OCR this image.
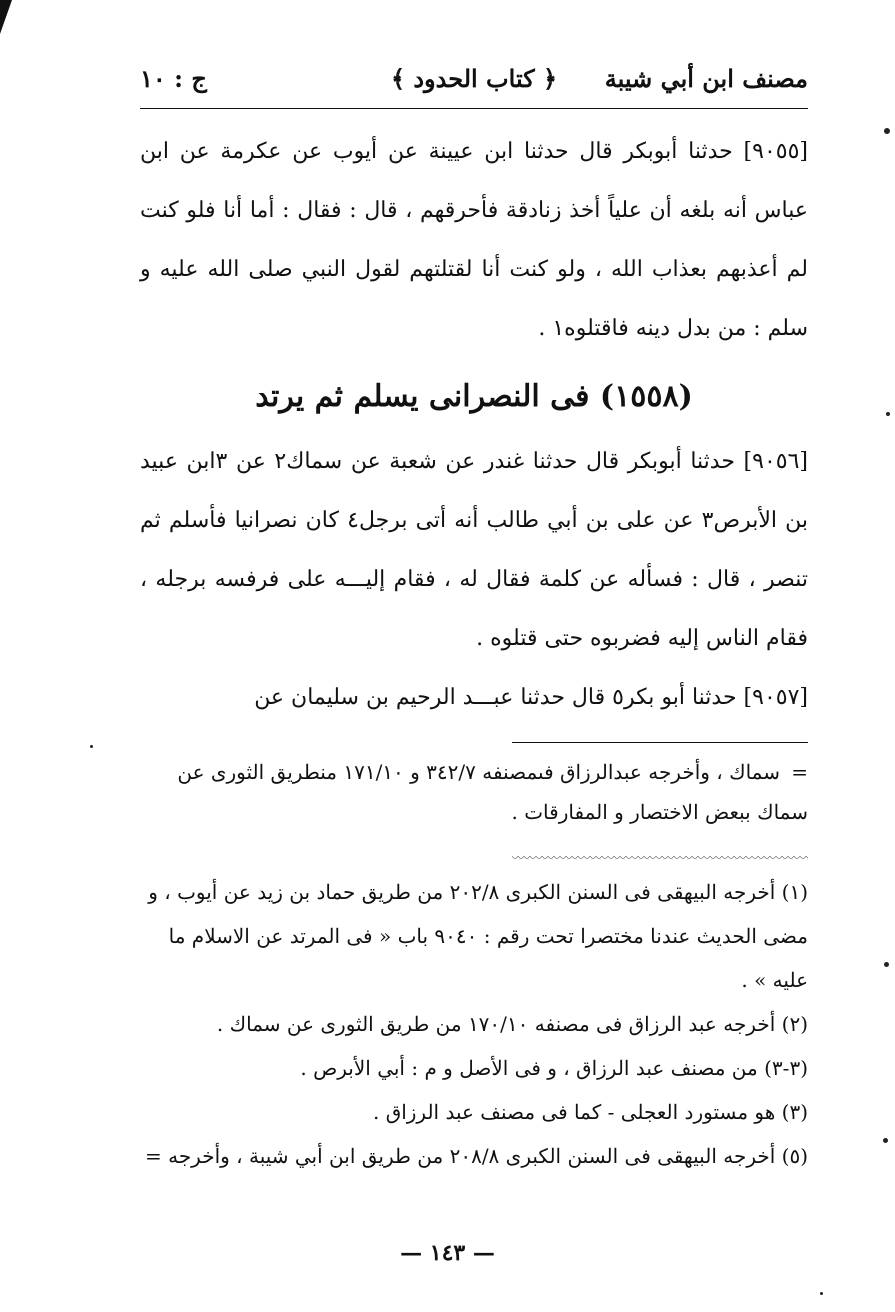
مصنف ابن أبي شيبة
﴿ كتاب الحدود ﴾
ج : ١٠

[٩٠٥٥] حدثنا أبوبكر قال حدثنا ابن عيينة عن أيوب عن عكرمة عن ابن عباس أنه بلغه أن علياً أخذ زنادقة فأحرقهم ، قال : فقال : أما أنا فلو كنت لم أعذبهم بعذاب الله ، ولو كنت أنا لقتلتهم لقول النبي صلى الله عليه و سلم : من بدل دينه فاقتلوه١ .

(١٥٥٨) فى النصرانى يسلم ثم يرتد

[٩٠٥٦] حدثنا أبوبكر قال حدثنا غندر عن شعبة عن سماك٢ عن ٣ابن عبيد بن الأبرص٣ عن على بن أبي طالب أنه أتى برجل٤ كان نصرانيا فأسلم ثم تنصر ، قال : فسأله عن كلمة فقال له ، فقام إليـــه على فرفسه برجله ، فقام الناس إليه فضربوه حتى قتلوه .

[٩٠٥٧] حدثنا أبو بكر٥ قال حدثنا عبـــد الرحيم بن سليمان عن

=سماك ، وأخرجه عبدالرزاق فىمصنفه ٣٤٢/٧ و ١٧١/١٠ منطريق الثورى عن سماك ببعض الاختصار و المفارقات .

(١) أخرجه البيهقى فى السنن الكبرى ٢٠٢/٨ من طريق حماد بن زيد عن أيوب ، و مضى الحديث عندنا مختصرا تحت رقم : ٩٠٤٠ باب « فى المرتد عن الاسلام ما عليه » .

(٢) أخرجه عبد الرزاق فى مصنفه ١٧٠/١٠ من طريق الثورى عن سماك .

(٣-٣) من مصنف عبد الرزاق ، و فى الأصل و م : أبي الأبرص .

(٣) هو مستورد العجلى - كما فى مصنف عبد الرزاق .

(٥) أخرجه البيهقى فى السنن الكبرى ٢٠٨/٨ من طريق ابن أبي شيبة ، وأخرجه =

— ١٤٣ —
